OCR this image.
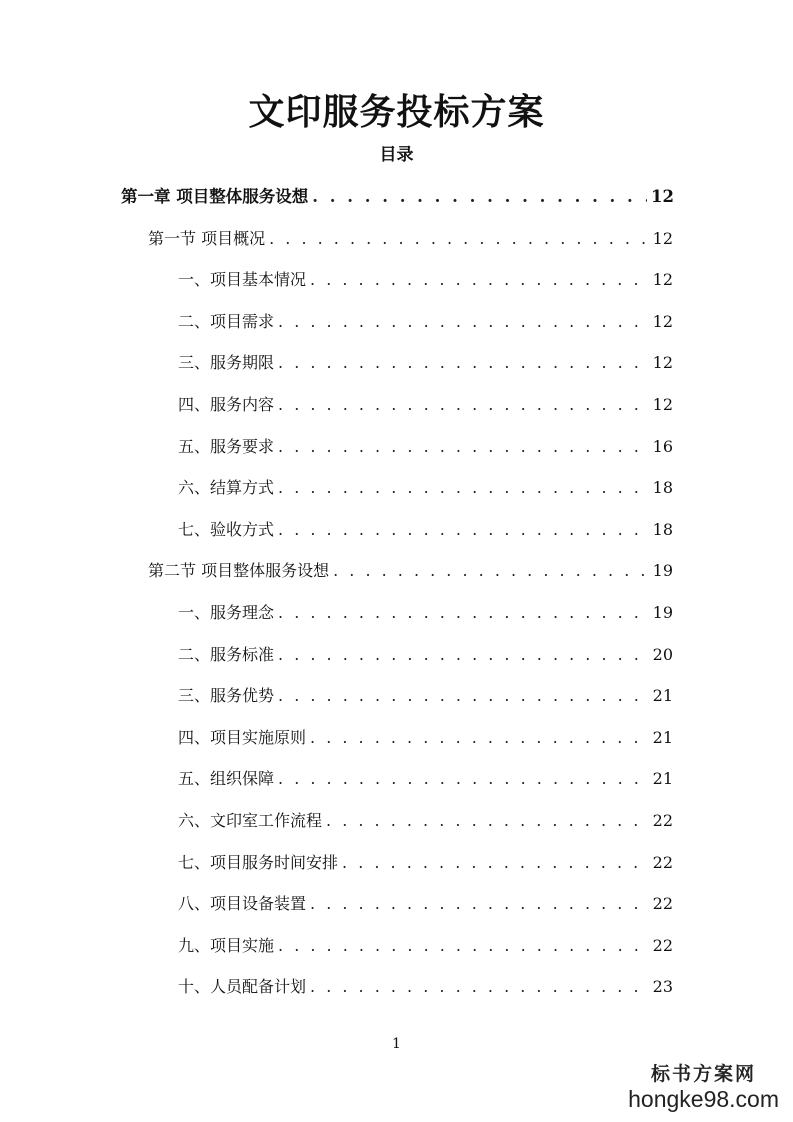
文印服务投标方案
目录
第一章 项目整体服务设想 . . .	12
第一节 项目概况 . . .	12
一、项目基本情况 . . .	12
二、项目需求 . . .	12
三、服务期限 . . .	12
四、服务内容 . . .	12
五、服务要求 . . .	16
六、结算方式 . . .	18
七、验收方式 . . .	18
第二节 项目整体服务设想 . . .	19
一、服务理念 . . .	19
二、服务标准 . . .	20
三、服务优势 . . .	21
四、项目实施原则 . . .	21
五、组织保障 . . .	21
六、文印室工作流程 . . .	22
七、项目服务时间安排 . . .	22
八、项目设备装置 . . .	22
九、项目实施 . . .	22
十、人员配备计划 . . .	23
1
标书方案网
hongke98.com
